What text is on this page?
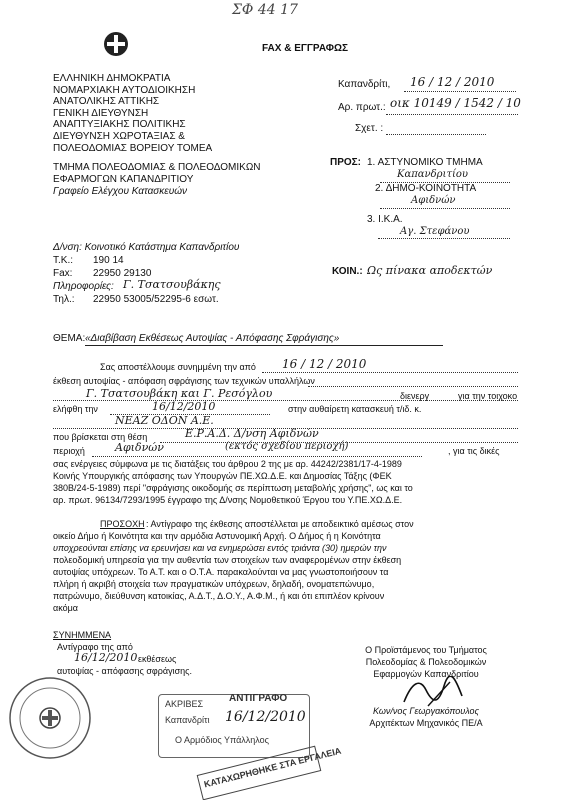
ΣΦ 44 17
FAX & ΕΓΓΡΑΦΩΣ
ΕΛΛΗΝΙΚΗ ΔΗΜΟΚΡΑΤΙΑ
ΝΟΜΑΡΧΙΑΚΗ ΑΥΤΟΔΙΟΙΚΗΣΗ
ΑΝΑΤΟΛΙΚΗΣ ΑΤΤΙΚΗΣ
ΓΕΝΙΚΗ ΔΙΕΥΘΥΝΣΗ
ΑΝΑΠΤΥΞΙΑΚΗΣ ΠΟΛΙΤΙΚΗΣ
ΔΙΕΥΘΥΝΣΗ ΧΩΡΟΤΑΞΙΑΣ &
ΠΟΛΕΟΔΟΜΙΑΣ ΒΟΡΕΙΟΥ ΤΟΜΕΑ
ΤΜΗΜΑ ΠΟΛΕΟΔΟΜΙΑΣ & ΠΟΛΕΟΔΟΜΙΚΩΝ
ΕΦΑΡΜΟΓΩΝ ΚΑΠΑΝΔΡΙΤΙΟΥ
Γραφείο Ελέγχου Κατασκευών
Καπανδρίτι, 16 / 12 / 2010
Αρ. πρωτ.: οικ 10149 / 1542 / 10
Σχετ. :
ΠΡΟΣ: 1. ΑΣΤΥΝΟΜΙΚΟ ΤΜΗΜΑ
Καπανδριτίου
2. ΔΗΜΟ-ΚΟΙΝΟΤΗΤΑ
Αφιδνών
3. Ι.Κ.Α.
Αγ. Στεφάνου
Δ/νση: Κοινοτικό Κατάστημα Καπανδριτίου
Τ.Κ.: 190 14
Fax: 22950 29130
Πληροφορίες: Γ. Τσατσουβάκης
Τηλ.: 22950 53005/52295-6 εσωτ.
ΚΟΙΝ.: Ως πίνακα αποδεκτών
ΘΕΜΑ: «Διαβίβαση Εκθέσεως Αυτοψίας - Απόφασης Σφράγισης»
Σας αποστέλλουμε συνημμένη την από 16 / 12 / 2010
έκθεση αυτοψίας - απόφαση σφράγισης των τεχνικών υπαλλήλων
Γ. Τσατσουβάκη και Γ. Ρεσόγλου	διενεργ	για την τοιχοκο
ελήφθη την	16/12/2010	στην αυθαίρετη κατασκευή τ/ιδ. κ.
ΝΕΑΖ ΟΔΟΝ Α.Ε.
που βρίσκεται στη θέση	Ε.Ρ.Α.Δ. Δ/νση Αφιδνών
περιοχή	Αφιδνών	(εκτός σχεδίου περιοχή)	, για τις δικές
σας ενέργειες σύμφωνα με τις διατάξεις του άρθρου 2 της με αρ. 44242/2381/17-4-1989
Κοινής Υπουργικής απόφασης των Υπουργών ΠΕ.ΧΩ.Δ.Ε. και Δημοσίας Τάξης (ΦΕΚ
380Β/24-5-1989) περί "σφράγισης οικοδομής σε περίπτωση μεταβολής χρήσης", ως και το
αρ. πρωτ. 96134/7293/1995 έγγραφο της Δ/νσης Νομοθετικού Έργου του Υ.ΠΕ.ΧΩ.Δ.Ε.
ΠΡΟΣΟΧΗ : Αντίγραφο της έκθεσης αποστέλλεται με αποδεικτικό αμέσως στον
οικείο Δήμο ή Κοινότητα και την αρμόδια Αστυνομική Αρχή. Ο Δήμος ή η Κοινότητα
υποχρεούνται επίσης να ερευνήσει και να ενημερώσει εντός τριάντα (30) ημερών την
πολεοδομική υπηρεσία για την αυθεντία των στοιχείων των αναφερομένων στην έκθεση
αυτοψίας υπόχρεων. Το Α.Τ. και ο Ο.Τ.Α. παρακαλούνται να μας γνωστοποιήσουν τα
πλήρη ή ακριβή στοιχεία των πραγματικών υπόχρεων, δηλαδή, ονοματεπώνυμο,
πατρώνυμο, διεύθυνση κατοικίας, Α.Δ.Τ., Δ.Ο.Υ., Α.Φ.Μ., ή και ότι επιπλέον κρίνουν
ακόμα
ΣΥΝΗΜΜΕΝΑ
Αντίγραφο της από
16/12/2010 εκθέσεως
αυτοψίας - απόφασης σφράγισης.
Ο Προϊστάμενος του Τμήματος
Πολεοδομίας & Πολεοδομικών
Εφαρμογών Καπανδριτίου
Κων/νος Γεωργακόπουλος
Αρχιτέκτων Μηχανικός ΠΕ/Α
ΑΚΡΙΒΕΣ	ΑΝΤΙΓΡΑΦΟ
Καπανδρίτι 16/12/2010
Ο Αρμόδιος Υπάλληλος
ΚΑΤΑΧΩΡΗΘΗΚΕ ΣΤΑ ΕΡΓΑΛΕΙΑ
